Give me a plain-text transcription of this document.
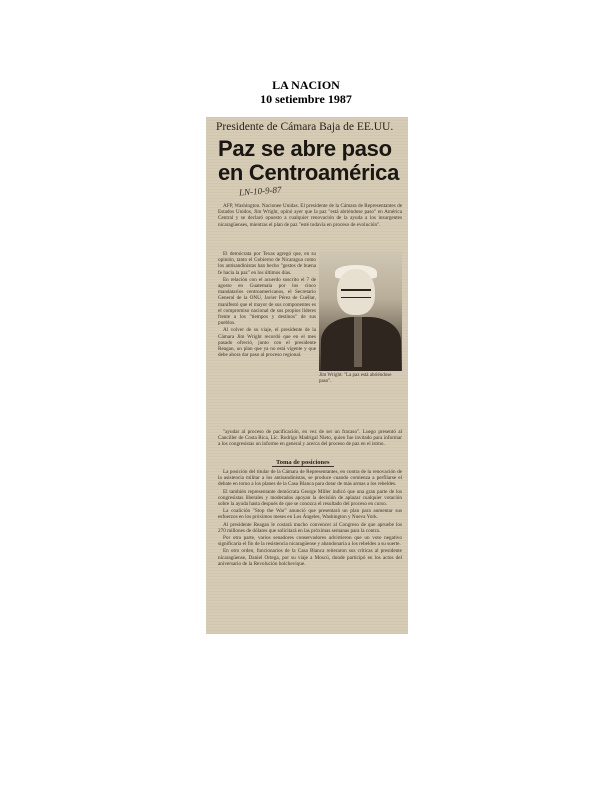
LA NACION
10 setiembre 1987
Presidente de Cámara Baja de EE.UU.
Paz se abre paso en Centroamérica
LN-10-9-87

AFP, Washington. Nacionee Unidas. El presidente de la Cámara de Representantes de Estados Unidos, Jim Wright, opinó ayer que la paz "está abriéndose paso" en América Central y se declaró opuesto a cualquier renovación de la ayuda a los insurgentes nicaragüenses, mientras el plan de paz "esté todavía en proceso de evolución".

El demócrata por Texas agregó que, en su opinión, tanto el Gobierno de Nicaragua como los antisandinistas han hecho "gestos de buena fe hacia la paz" en los últimos días.

En relación con el acuerdo suscrito el 7 de agosto en Guatemala por los cinco mandatarios centroamericanos, el Secretario General de la ONU, Javier Pérez de Cuéllar, manifestó que el mayor de sus componentes es el compromiso nacional de sus propios líderes frente a los "tiempos y destinos" de sus pueblos.

Al volver de su viaje, el presidente de la Cámara Jim Wright recordó que en el mes pasado ofreció, junto con el presidente Reagan, un plan que ya no está vigente y que debe ahora dar paso al proceso regional.

Jim Wright: "La paz está abriéndose paso".

"ayudar al proceso de pacificación, en vez de ser un fracaso". Luego presentó al Canciller de Costa Rica, Lic. Rodrigo Madrigal Nieto, quien fue invitado para informar a los congresistas un informe en general y acerca del proceso de paz en el istmo.

Toma de posiciones

La posición del titular de la Cámara de Representantes, en contra de la renovación de la asistencia militar a los antisandinistas, se produce cuando comienza a perfilarse el debate en torno a los planes de la Casa Blanca para dotar de más armas a los rebeldes.

El también representante demócrata George Miller indicó que una gran parte de los congresistas liberales y moderados apoyan la decisión de aplazar cualquier votación sobre la ayuda hasta después de que se conozca el resultado del proceso en curso.

La coalición "Stop the War" anunció que presentará un plan para aumentar sus esfuerzos en los próximos meses en Los Ángeles, Washington y Nueva York.

Al presidente Reagan le costará mucho convencer al Congreso de que apruebe los 270 millones de dólares que solicitará en las próximas semanas para la contra.

Por otra parte, varios senadores conservadores advirtieron que un voto negativo significaría el fin de la resistencia nicaragüense y abandonaría a los rebeldes a su suerte.

En otro orden, funcionarios de la Casa Blanca reiteraron sus críticas al presidente nicaragüense, Daniel Ortega, por su viaje a Moscú, donde participó en los actos del aniversario de la Revolución bolchevique.
